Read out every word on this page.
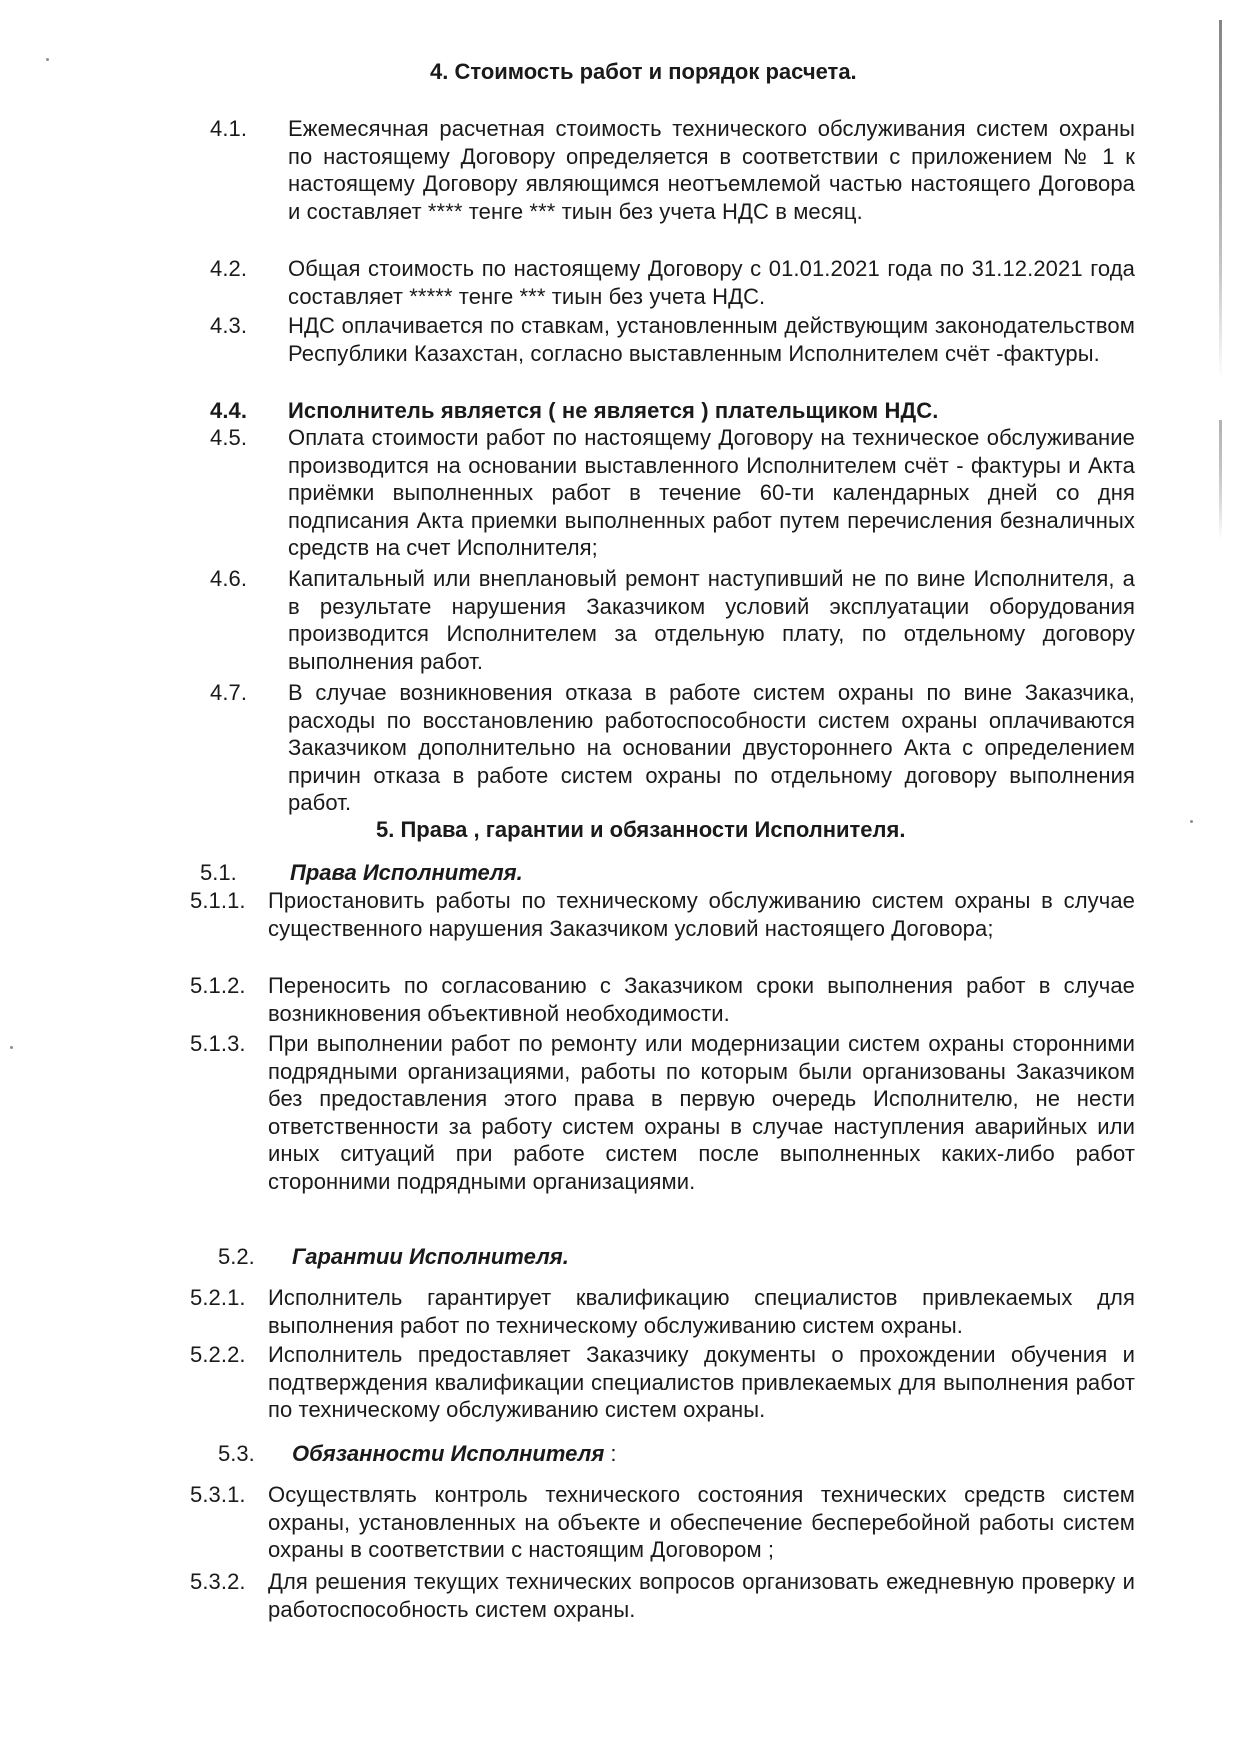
4. Стоимость работ и порядок расчета.
4.1.	Ежемесячная расчетная стоимость технического обслуживания систем охраны по настоящему Договору определяется в соответствии с приложением № 1 к настоящему Договору являющимся неотъемлемой частью настоящего Договора и составляет **** тенге *** тиын без учета НДС в месяц.
4.2.	Общая стоимость по настоящему Договору с 01.01.2021 года по 31.12.2021 года составляет ***** тенге *** тиын без учета НДС.
4.3.	НДС оплачивается по ставкам, установленным действующим законодательством Республики Казахстан, согласно выставленным Исполнителем счёт -фактуры.
4.4.	Исполнитель является ( не является ) плательщиком НДС.
4.5.	Оплата стоимости работ по настоящему Договору на техническое обслуживание производится на основании выставленного Исполнителем счёт - фактуры и Акта приёмки выполненных работ в течение 60-ти календарных дней со дня подписания Акта приемки выполненных работ путем перечисления безналичных средств на счет Исполнителя;
4.6.	Капитальный или внеплановый ремонт наступивший не по вине Исполнителя, а в результате нарушения Заказчиком условий эксплуатации оборудования производится Исполнителем за отдельную плату, по отдельному договору выполнения работ.
4.7.	В случае возникновения отказа в работе систем охраны по вине Заказчика, расходы по восстановлению работоспособности систем охраны оплачиваются Заказчиком дополнительно на основании двустороннего Акта с определением причин отказа в работе систем охраны по отдельному договору выполнения работ.
5. Права , гарантии и обязанности Исполнителя.
5.1.	Права Исполнителя.
5.1.1.	Приостановить работы по техническому обслуживанию систем охраны в случае существенного нарушения Заказчиком условий настоящего Договора;
5.1.2.	Переносить по согласованию с Заказчиком сроки выполнения работ в случае возникновения объективной необходимости.
5.1.3.	При выполнении работ по ремонту или модернизации систем охраны сторонними подрядными организациями, работы по которым были организованы Заказчиком без предоставления этого права в первую очередь Исполнителю, не нести ответственности за работу систем охраны в случае наступления аварийных или иных ситуаций при работе систем после выполненных каких-либо работ сторонними подрядными организациями.
5.2.	Гарантии Исполнителя.
5.2.1.	Исполнитель гарантирует квалификацию специалистов привлекаемых для выполнения работ по техническому обслуживанию систем охраны.
5.2.2.	Исполнитель предоставляет Заказчику документы о прохождении обучения и подтверждения квалификации специалистов привлекаемых для выполнения работ по техническому обслуживанию систем охраны.
5.3.	Обязанности Исполнителя :
5.3.1.	Осуществлять контроль технического состояния технических средств систем охраны, установленных на объекте и обеспечение бесперебойной работы систем охраны в соответствии с настоящим Договором ;
5.3.2.	Для решения текущих технических вопросов организовать ежедневную проверку и работоспособность систем охраны.
